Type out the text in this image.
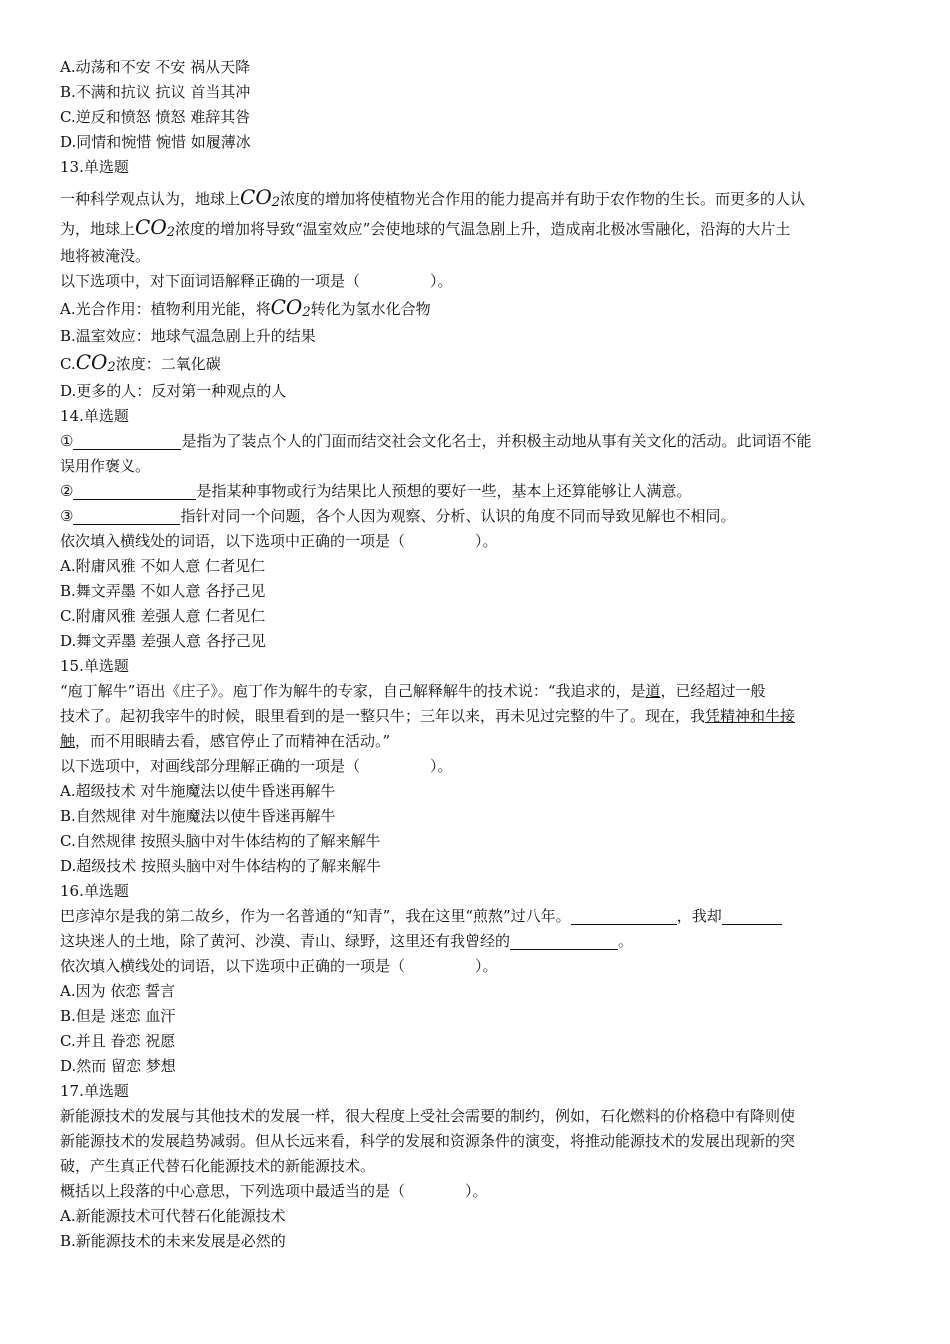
A.动荡和不安 不安 祸从天降
B.不满和抗议 抗议 首当其冲
C.逆反和愤怒 愤怒 难辞其咎
D.同情和惋惜 惋惜 如履薄冰
13.单选题
一种科学观点认为，地球上$CO_2$浓度的增加将使植物光合作用的能力提高并有助于农作物的生长。而更多的人认
为，地球上$CO_2$浓度的增加将导致“温室效应”会使地球的气温急剧上升，造成南北极冰雪融化，沿海的大片土
地将被淹没。
以下选项中，对下面词语解释正确的一项是（	）。
A.光合作用：植物利用光能，将$CO_2$转化为氢水化合物
B.温室效应：地球气温急剧上升的结果
$C.CO_2$浓度：二氧化碳
D.更多的人：反对第一种观点的人
14.单选题
①	是指为了装点个人的门面而结交社会文化名士，并积极主动地从事有关文化的活动。此词语不能
误用作褒义。
②	是指某种事物或行为结果比人预想的要好一些，基本上还算能够让人满意。
③	指针对同一个问题，各个人因为观察、分析、认识的角度不同而导致见解也不相同。
依次填入横线处的词语，以下选项中正确的一项是（	）。
A.附庸风雅 不如人意 仁者见仁
B.舞文弄墨 不如人意 各抒己见
C.附庸风雅 差强人意 仁者见仁
D.舞文弄墨 差强人意 各抒己见
15.单选题
“庖丁解牛”语出《庄子》。庖丁作为解牛的专家，自己解释解牛的技术说：“我追求的，是道，已经超过一般
技术了。起初我宰牛的时候，眼里看到的是一整只牛；三年以来，再未见过完整的牛了。现在，我凭精神和牛接
触，而不用眼睛去看，感官停止了而精神在活动。”
以下选项中，对画线部分理解正确的一项是（	）。
A.超级技术 对牛施魔法以使牛昏迷再解牛
B.自然规律 对牛施魔法以使牛昏迷再解牛
C.自然规律 按照头脑中对牛体结构的了解来解牛
D.超级技术 按照头脑中对牛体结构的了解来解牛
16.单选题
巴彦淖尔是我的第二故乡，作为一名普通的“知青”，我在这里“煎熬”过八年。	，我却
这块迷人的土地，除了黄河、沙漠、青山、绿野，这里还有我曾经的	。
依次填入横线处的词语，以下选项中正确的一项是（	）。
A.因为 依恋 誓言
B.但是 迷恋 血汗
C.并且 眷恋 祝愿
D.然而 留恋 梦想
17.单选题
新能源技术的发展与其他技术的发展一样，很大程度上受社会需要的制约，例如，石化燃料的价格稳中有降则使
新能源技术的发展趋势减弱。但从长远来看，科学的发展和资源条件的演变，将推动能源技术的发展出现新的突
破，产生真正代替石化能源技术的新能源技术。
概括以上段落的中心意思，下列选项中最适当的是（	）。
A.新能源技术可代替石化能源技术
B.新能源技术的未来发展是必然的
